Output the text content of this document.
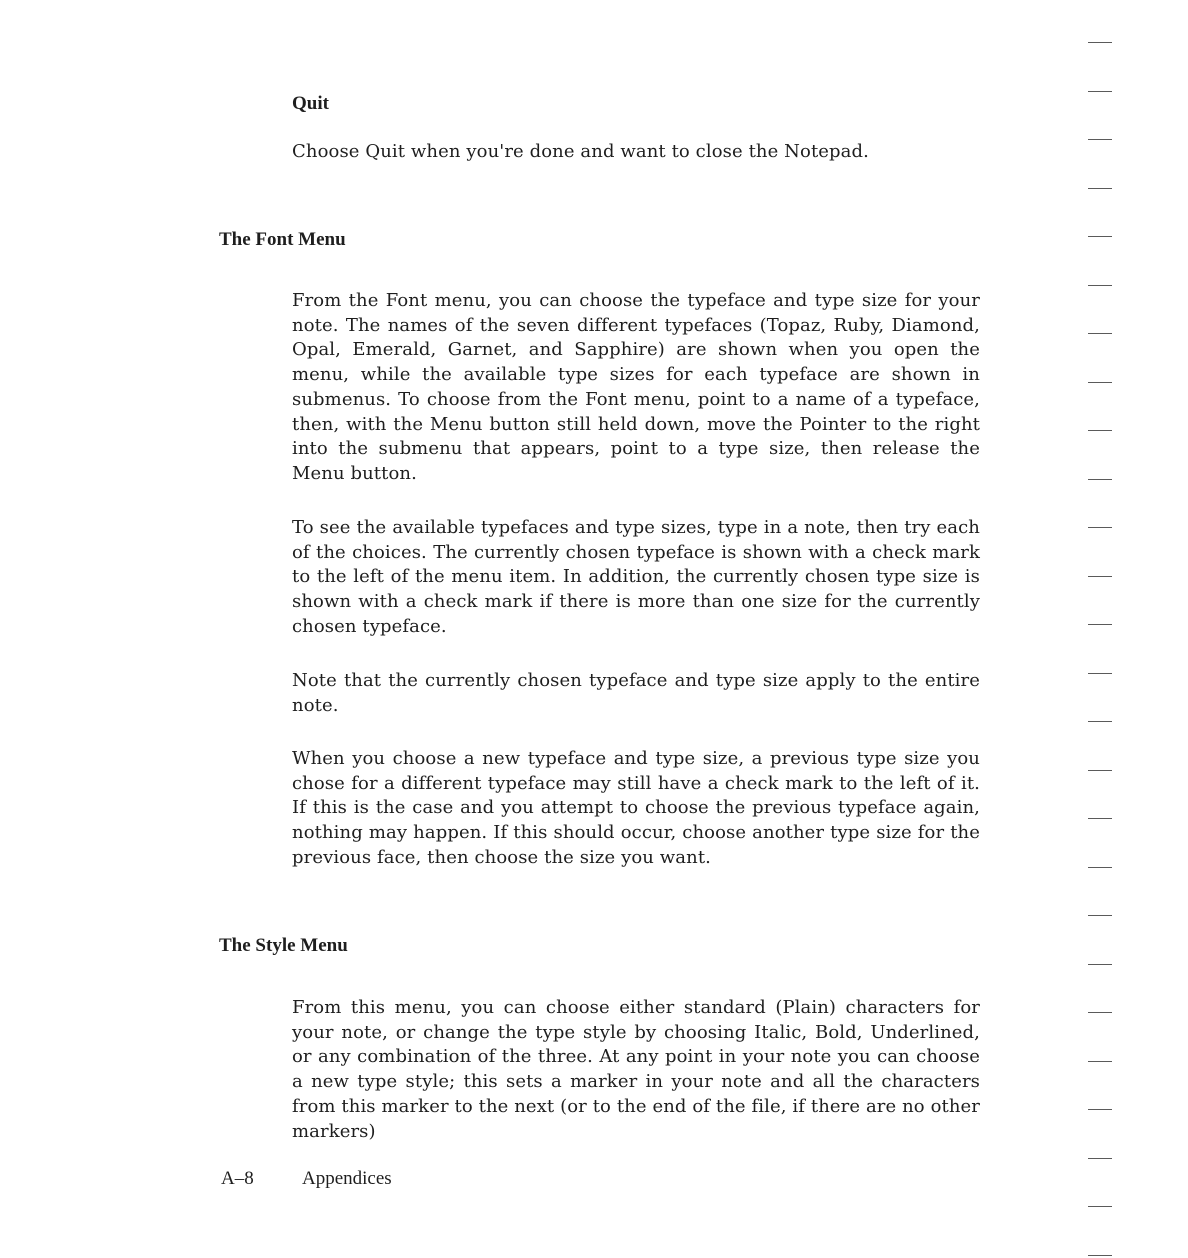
Quit

Choose Quit when you're done and want to close the Notepad.

The Font Menu

From the Font menu, you can choose the typeface and type size for your note. The names of the seven different typefaces (Topaz, Ruby, Diamond, Opal, Emerald, Garnet, and Sapphire) are shown when you open the menu, while the available type sizes for each typeface are shown in submenus. To choose from the Font menu, point to a name of a typeface, then, with the Menu button still held down, move the Pointer to the right into the submenu that appears, point to a type size, then release the Menu button.

To see the available typefaces and type sizes, type in a note, then try each of the choices. The currently chosen typeface is shown with a check mark to the left of the menu item. In addition, the currently chosen type size is shown with a check mark if there is more than one size for the currently chosen typeface.

Note that the currently chosen typeface and type size apply to the entire note.

When you choose a new typeface and type size, a previous type size you chose for a different typeface may still have a check mark to the left of it. If this is the case and you attempt to choose the previous typeface again, nothing may happen. If this should occur, choose another type size for the previous face, then choose the size you want.

The Style Menu

From this menu, you can choose either standard (Plain) characters for your note, or change the type style by choosing Italic, Bold, Underlined, or any combination of the three. At any point in your note you can choose a new type style; this sets a marker in your note and all the characters from this marker to the next (or to the end of the file, if there are no other markers)

A–8	Appendices
